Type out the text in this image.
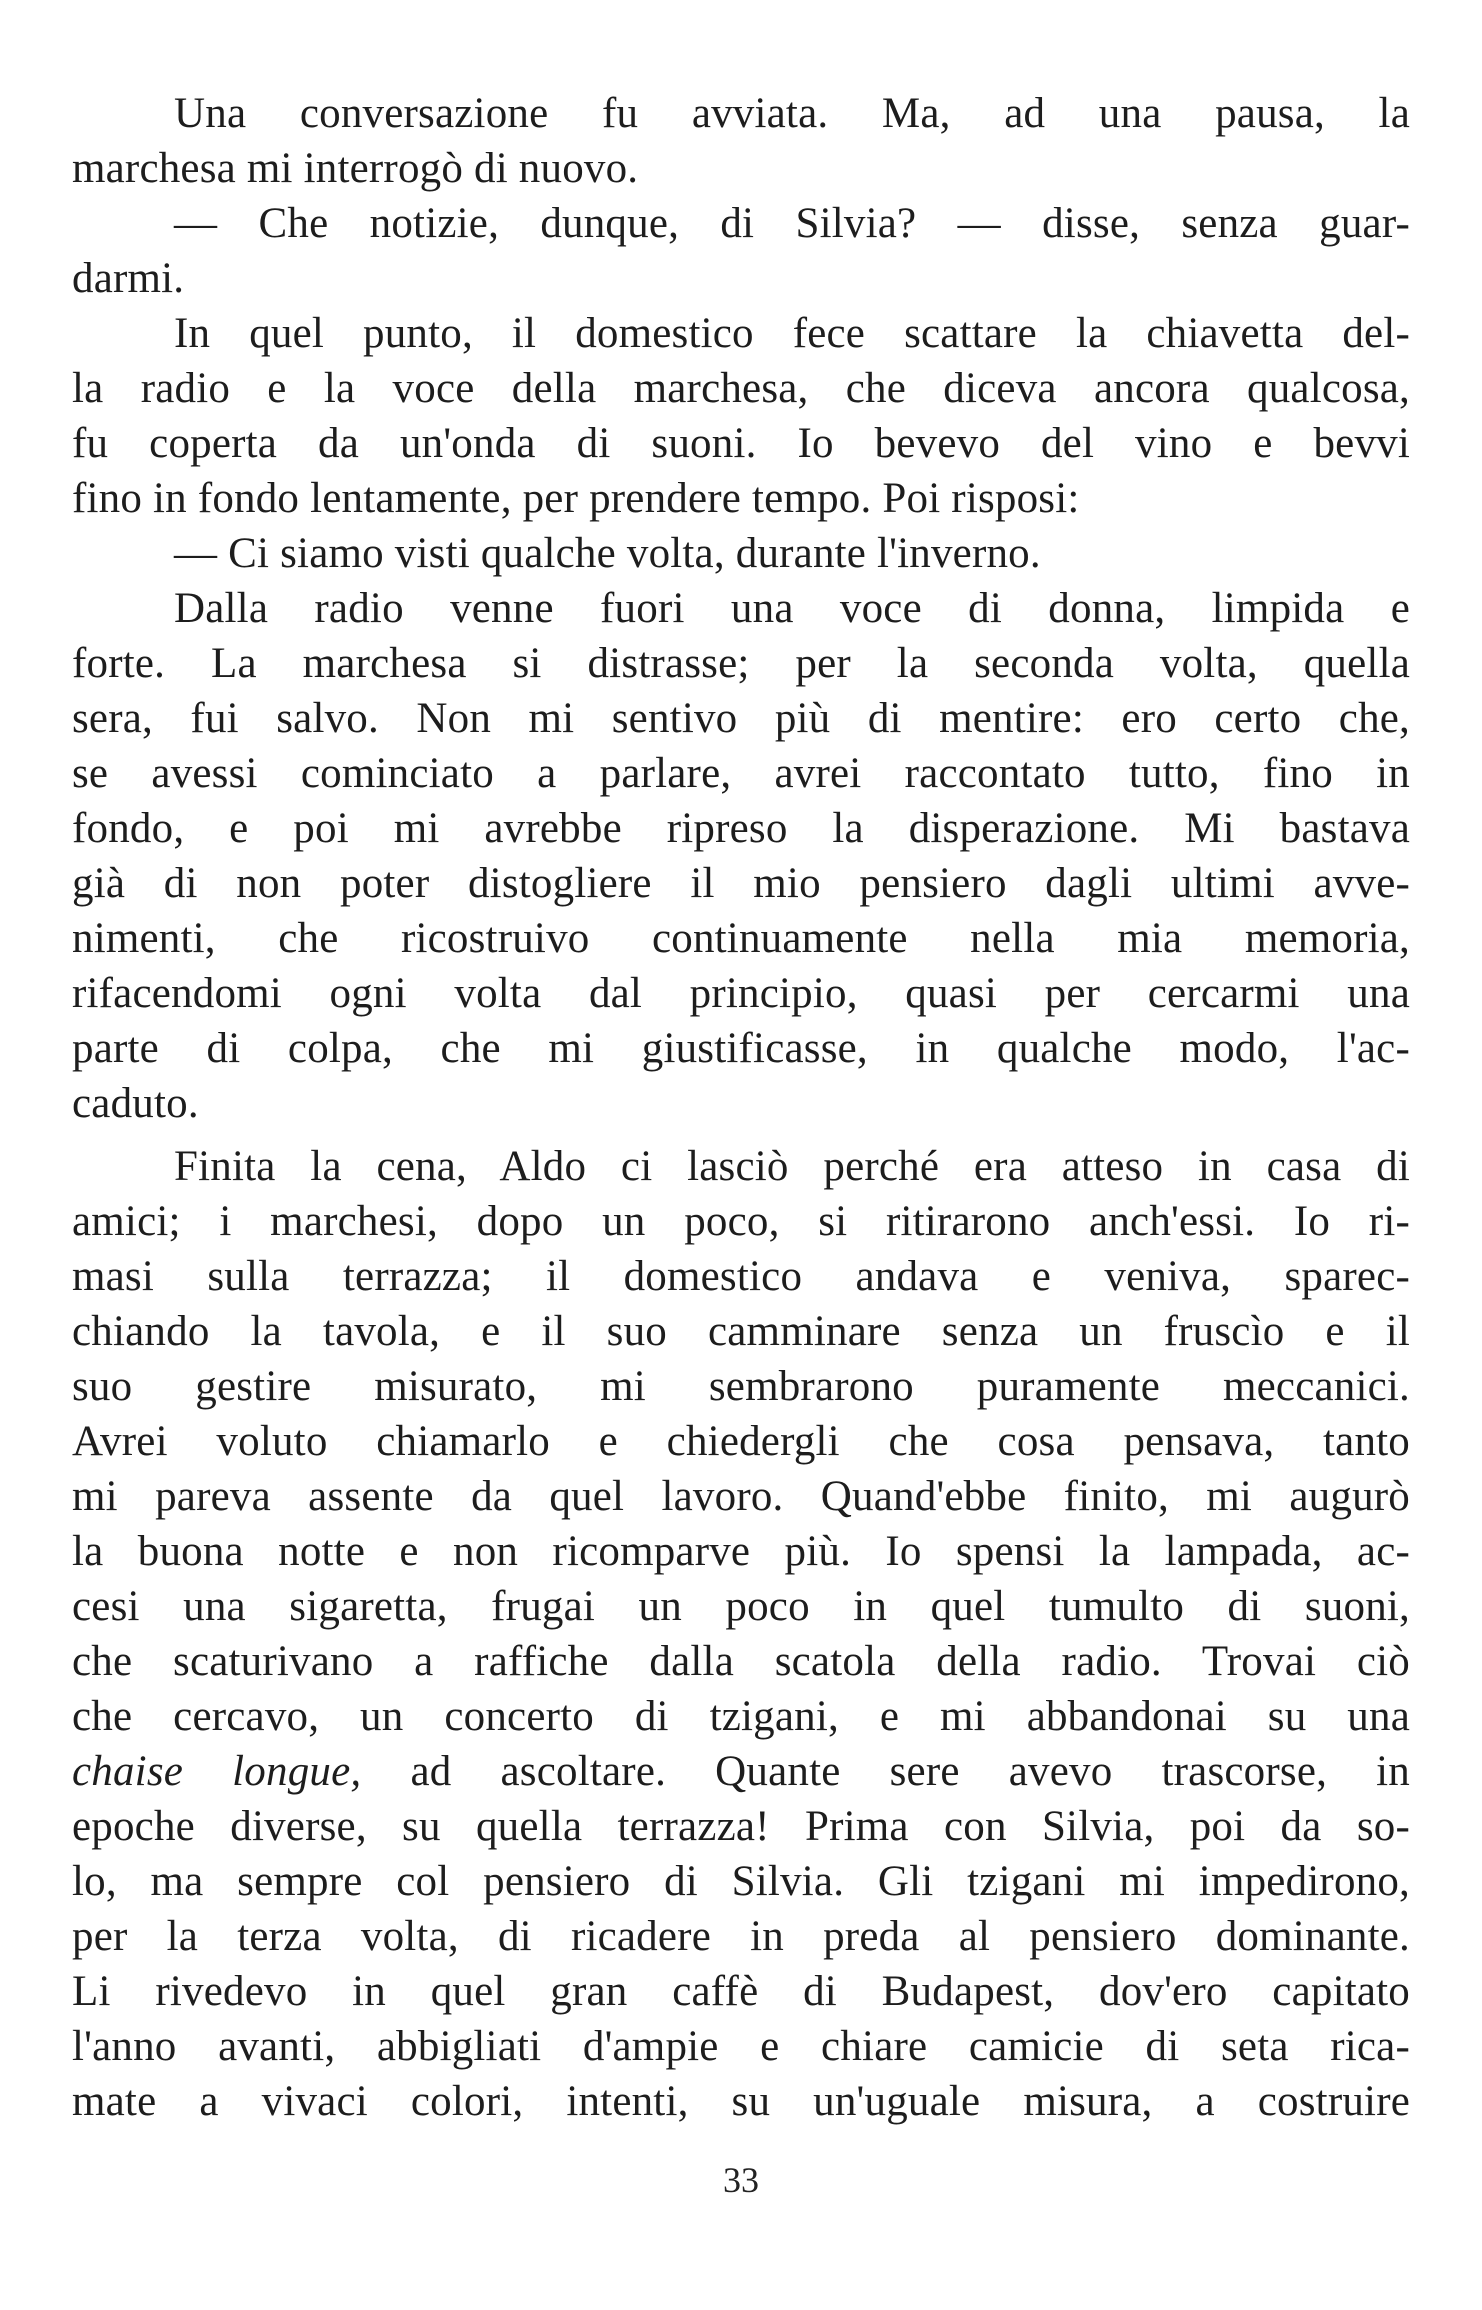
Una conversazione fu avviata. Ma, ad una pausa, la
marchesa mi interrogò di nuovo.
— Che notizie, dunque, di Silvia? — disse, senza guar-
darmi.
In quel punto, il domestico fece scattare la chiavetta del-
la radio e la voce della marchesa, che diceva ancora qualcosa,
fu coperta da un'onda di suoni. Io bevevo del vino e bevvi
fino in fondo lentamente, per prendere tempo. Poi risposi:
— Ci siamo visti qualche volta, durante l'inverno.
Dalla radio venne fuori una voce di donna, limpida e
forte. La marchesa si distrasse; per la seconda volta, quella
sera, fui salvo. Non mi sentivo più di mentire: ero certo che,
se avessi cominciato a parlare, avrei raccontato tutto, fino in
fondo, e poi mi avrebbe ripreso la disperazione. Mi bastava
già di non poter distogliere il mio pensiero dagli ultimi avve-
nimenti, che ricostruivo continuamente nella mia memoria,
rifacendomi ogni volta dal principio, quasi per cercarmi una
parte di colpa, che mi giustificasse, in qualche modo, l'ac-
caduto.
Finita la cena, Aldo ci lasciò perché era atteso in casa di
amici; i marchesi, dopo un poco, si ritirarono anch'essi. Io ri-
masi sulla terrazza; il domestico andava e veniva, sparec-
chiando la tavola, e il suo camminare senza un fruscìo e il
suo gestire misurato, mi sembrarono puramente meccanici.
Avrei voluto chiamarlo e chiedergli che cosa pensava, tanto
mi pareva assente da quel lavoro. Quand'ebbe finito, mi augurò
la buona notte e non ricomparve più. Io spensi la lampada, ac-
cesi una sigaretta, frugai un poco in quel tumulto di suoni,
che scaturivano a raffiche dalla scatola della radio. Trovai ciò
che cercavo, un concerto di tzigani, e mi abbandonai su una
chaise longue, ad ascoltare. Quante sere avevo trascorse, in
epoche diverse, su quella terrazza! Prima con Silvia, poi da so-
lo, ma sempre col pensiero di Silvia. Gli tzigani mi impedirono,
per la terza volta, di ricadere in preda al pensiero dominante.
Li rivedevo in quel gran caffè di Budapest, dov'ero capitato
l'anno avanti, abbigliati d'ampie e chiare camicie di seta rica-
mate a vivaci colori, intenti, su un'uguale misura, a costruire
33
